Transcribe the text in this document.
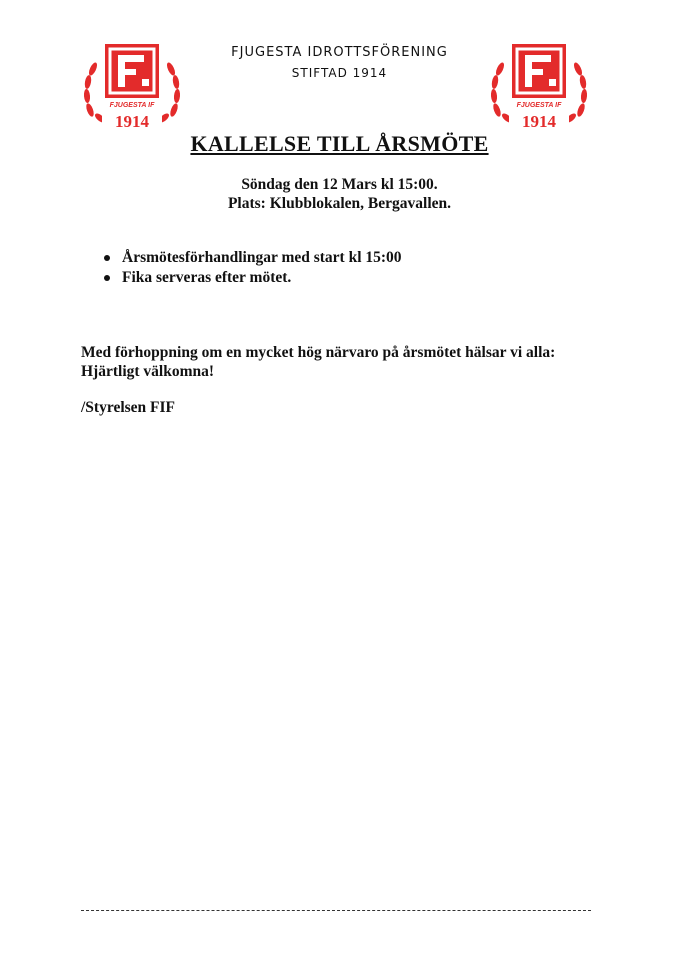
FJUGESTA IF
1914
FJUGESTA IF
1914
FJUGESTA IDROTTSFÖRENING
STIFTAD 1914
KALLELSE TILL ÅRSMÖTE
Söndag den 12 Mars kl 15:00.
Plats: Klubblokalen, Bergavallen.
Årsmötesförhandlingar med start kl 15:00
Fika serveras efter mötet.
Med förhoppning om en mycket hög närvaro på årsmötet hälsar vi alla:
Hjärtligt välkomna!
/Styrelsen FIF
